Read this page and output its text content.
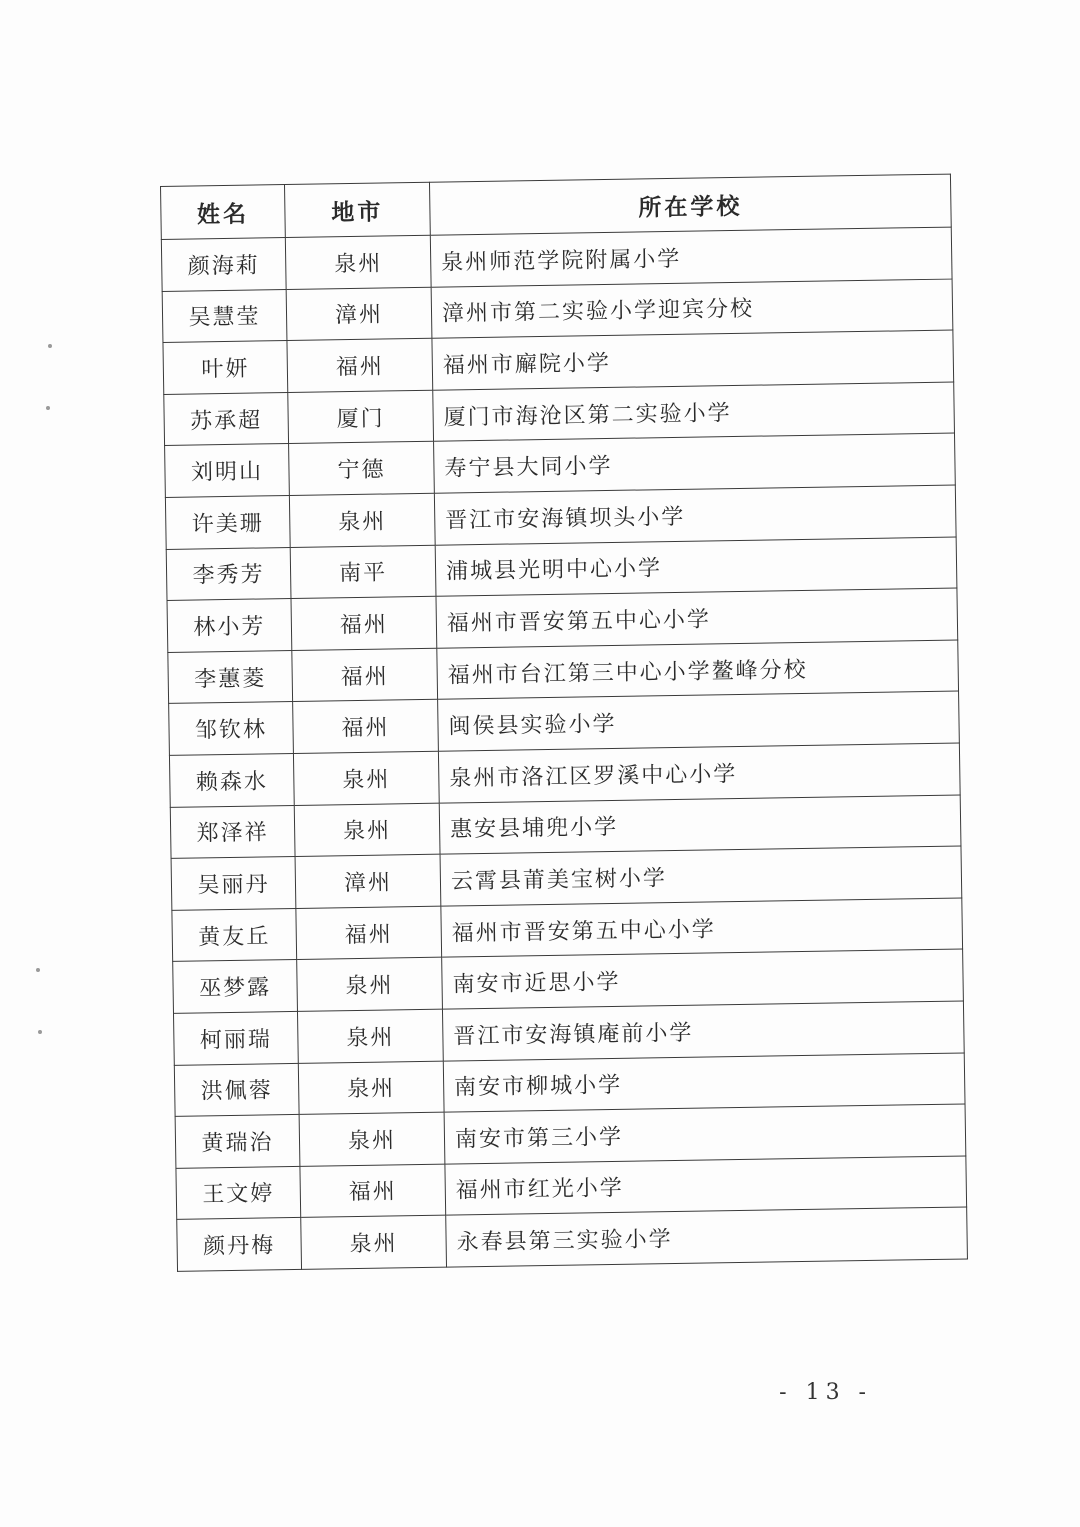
姓名	地市	所在学校
颜海莉	泉州	泉州师范学院附属小学
吴慧莹	漳州	漳州市第二实验小学迎宾分校
叶妍	福州	福州市廨院小学
苏承超	厦门	厦门市海沧区第二实验小学
刘明山	宁德	寿宁县大同小学
许美珊	泉州	晋江市安海镇坝头小学
李秀芳	南平	浦城县光明中心小学
林小芳	福州	福州市晋安第五中心小学
李蕙菱	福州	福州市台江第三中心小学鳌峰分校
邹钦林	福州	闽侯县实验小学
赖森水	泉州	泉州市洛江区罗溪中心小学
郑泽祥	泉州	惠安县埔兜小学
吴丽丹	漳州	云霄县莆美宝树小学
黄友丘	福州	福州市晋安第五中心小学
巫梦露	泉州	南安市近思小学
柯丽瑞	泉州	晋江市安海镇庵前小学
洪佩蓉	泉州	南安市柳城小学
黄瑞治	泉州	南安市第三小学
王文婷	福州	福州市红光小学
颜丹梅	泉州	永春县第三实验小学
- 13 -
